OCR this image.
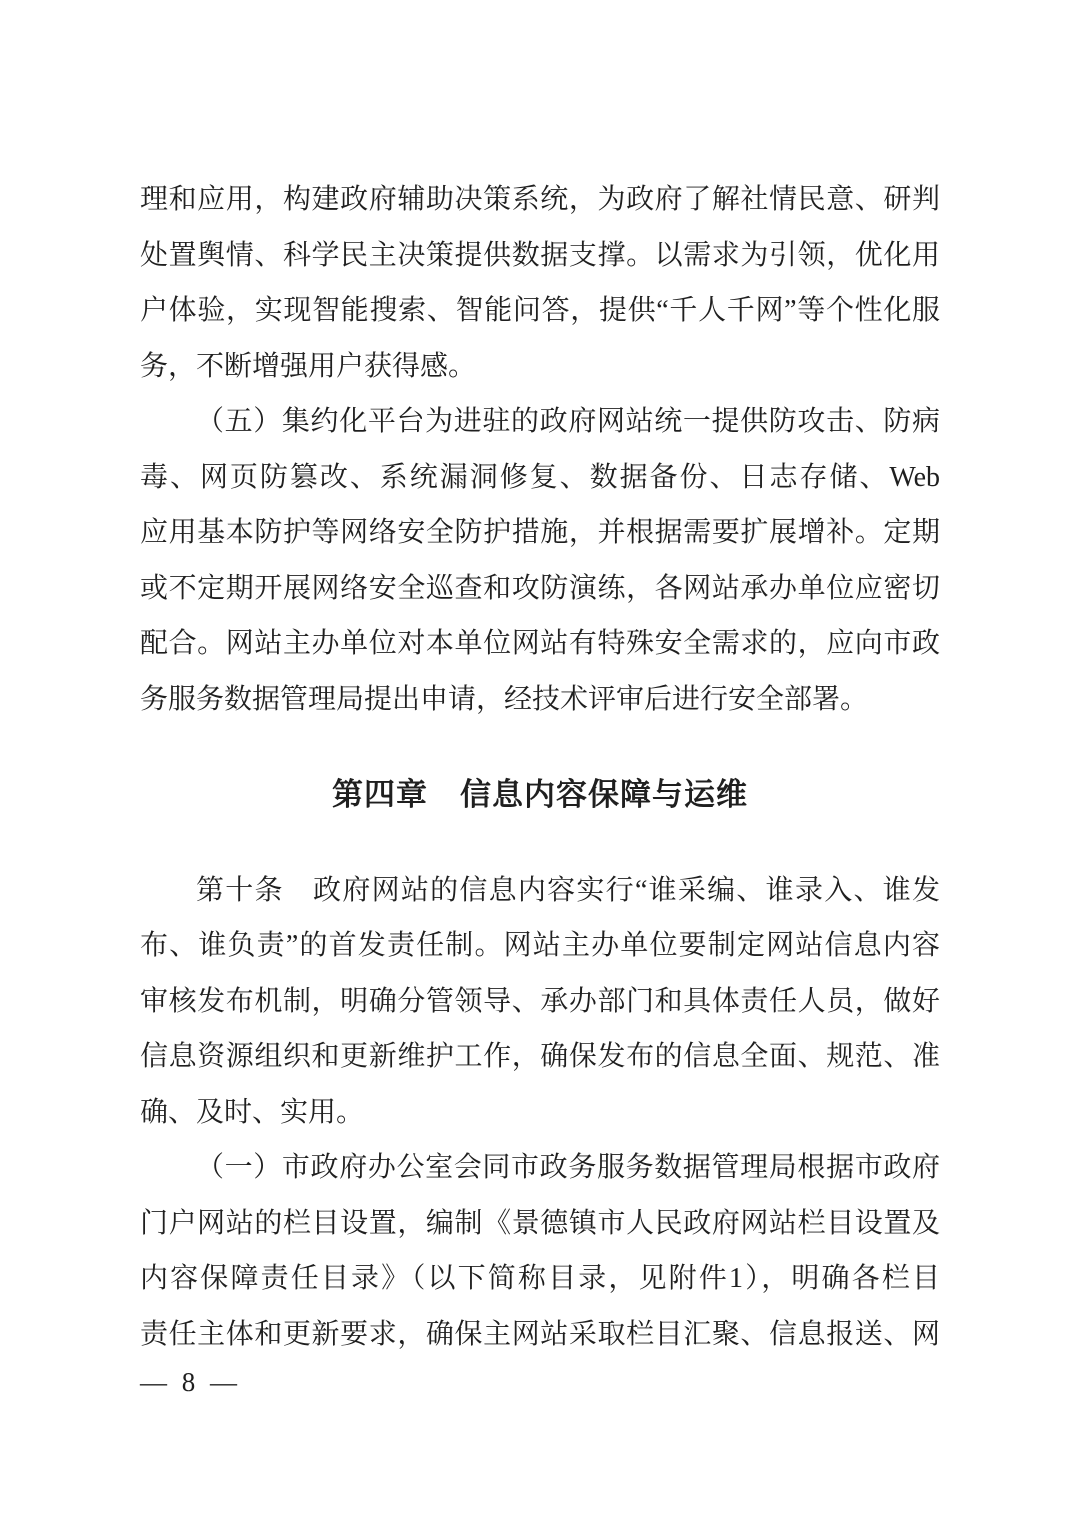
理和应用，构建政府辅助决策系统，为政府了解社情民意、研判
处置舆情、科学民主决策提供数据支撑。以需求为引领，优化用
户体验，实现智能搜索、智能问答，提供“千人千网”等个性化服
务，不断增强用户获得感。
（五）集约化平台为进驻的政府网站统一提供防攻击、防病
毒、网页防篡改、系统漏洞修复、数据备份、日志存储、Web
应用基本防护等网络安全防护措施，并根据需要扩展增补。定期
或不定期开展网络安全巡查和攻防演练，各网站承办单位应密切
配合。网站主办单位对本单位网站有特殊安全需求的，应向市政
务服务数据管理局提出申请，经技术评审后进行安全部署。
第四章　信息内容保障与运维
第十条　政府网站的信息内容实行“谁采编、谁录入、谁发
布、谁负责”的首发责任制。网站主办单位要制定网站信息内容
审核发布机制，明确分管领导、承办部门和具体责任人员，做好
信息资源组织和更新维护工作，确保发布的信息全面、规范、准
确、及时、实用。
（一）市政府办公室会同市政务服务数据管理局根据市政府
门户网站的栏目设置，编制《景德镇市人民政府网站栏目设置及
内容保障责任目录》（以下简称目录，见附件1），明确各栏目
责任主体和更新要求，确保主网站采取栏目汇聚、信息报送、网
— 8 —
